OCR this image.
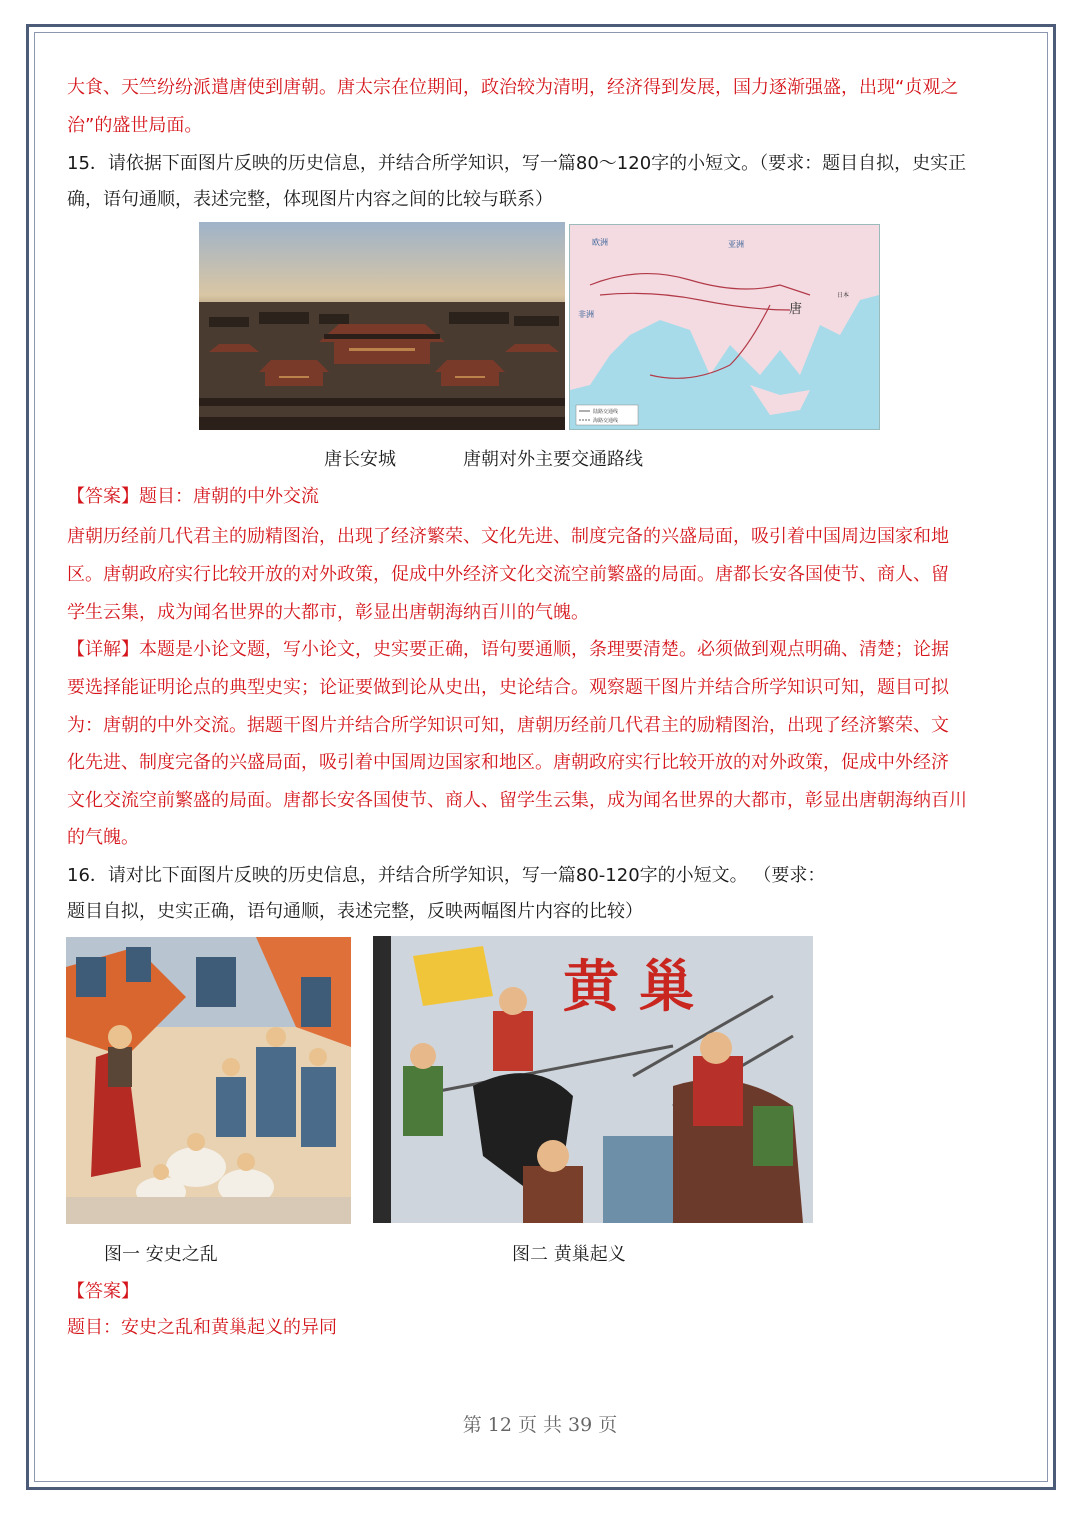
大食、天竺纷纷派遣唐使到唐朝。唐太宗在位期间，政治较为清明，经济得到发展，国力逐渐强盛，出现“贞观之
治”的盛世局面。
15．请依据下面图片反映的历史信息，并结合所学知识，写一篇80～120字的小短文。（要求：题目自拟，史实正
确，语句通顺，表述完整，体现图片内容之间的比较与联系）
欧洲	亚洲
非洲	唐
日本
陆路交通线
海路交通线
唐长安城	唐朝对外主要交通路线
【答案】题目：唐朝的中外交流
唐朝历经前几代君主的励精图治，出现了经济繁荣、文化先进、制度完备的兴盛局面，吸引着中国周边国家和地
区。唐朝政府实行比较开放的对外政策，促成中外经济文化交流空前繁盛的局面。唐都长安各国使节、商人、留
学生云集，成为闻名世界的大都市，彰显出唐朝海纳百川的气魄。
【详解】本题是小论文题，写小论文，史实要正确，语句要通顺，条理要清楚。必须做到观点明确、清楚；论据
要选择能证明论点的典型史实；论证要做到论从史出，史论结合。观察题干图片并结合所学知识可知，题目可拟
为：唐朝的中外交流。据题干图片并结合所学知识可知，唐朝历经前几代君主的励精图治，出现了经济繁荣、文
化先进、制度完备的兴盛局面，吸引着中国周边国家和地区。唐朝政府实行比较开放的对外政策，促成中外经济
文化交流空前繁盛的局面。唐都长安各国使节、商人、留学生云集，成为闻名世界的大都市，彰显出唐朝海纳百川
的气魄。
16．请对比下面图片反映的历史信息，并结合所学知识，写一篇80-120字的小短文。 （要求：
题目自拟，史实正确，语句通顺，表述完整，反映两幅图片内容的比较）
黄 巢
图一 安史之乱	图二 黄巢起义
【答案】
题目：安史之乱和黄巢起义的异同
第 12 页 共 39 页
